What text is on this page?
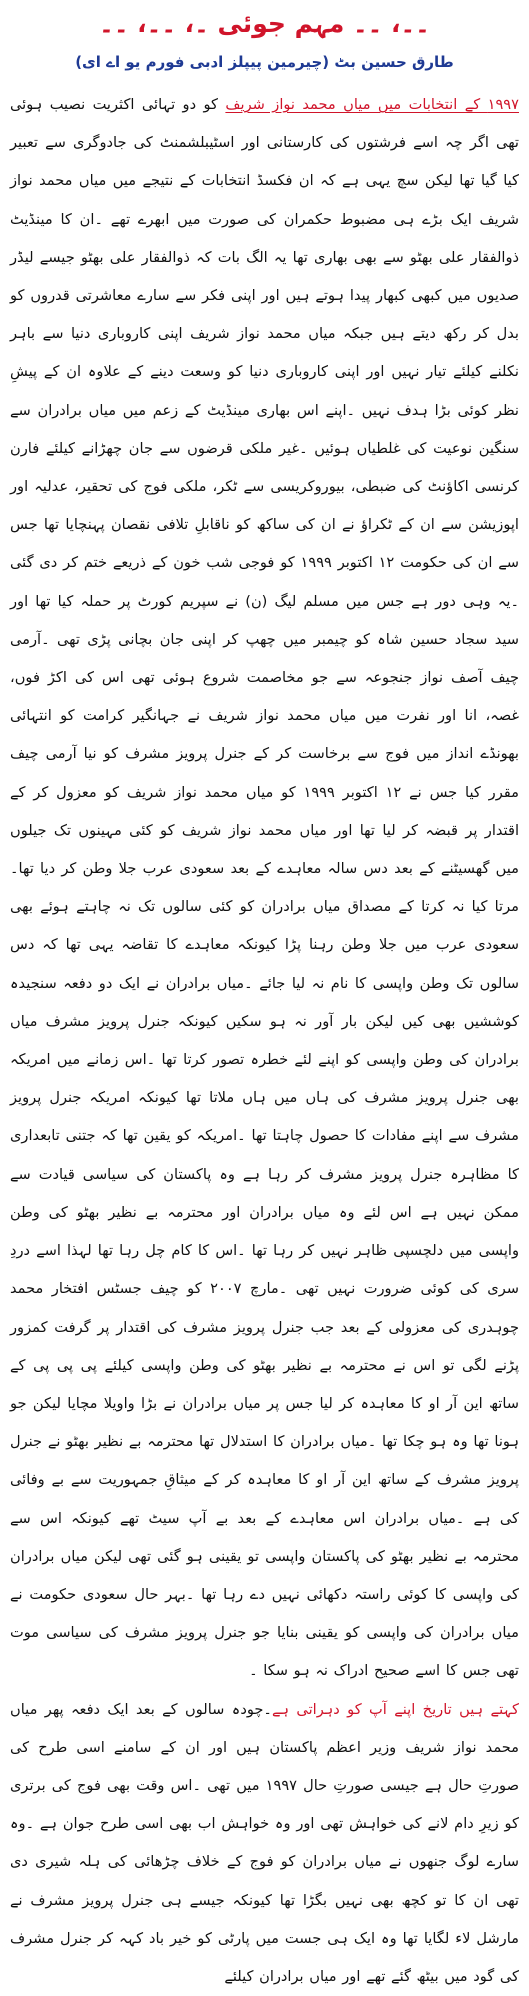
۔۔، ۔۔ مہم جوئی ۔، ۔۔، ۔۔
طارق حسین بٹ (چیرمین پیپلز ادبی فورم یو اے ای)

۱۹۹۷ کے انتخابات میں میاں محمد نواز شریف کو دو تہائی اکثریت نصیب ہوئی تھی اگر چہ اسے فرشتوں کی کارستانی اور اسٹیبلشمنٹ کی جادوگری سے تعبیر کیا گیا تھا لیکن سچ یہی ہے کہ ان فکسڈ انتخابات کے نتیجے میں میاں محمد نواز شریف ایک بڑے ہی مضبوط حکمران کی صورت میں ابھرے تھے ۔ان کا مینڈیٹ ذوالفقار علی بھٹو سے بھی بھاری تھا یہ الگ بات کہ ذوالفقار علی بھٹو جیسے لیڈر صدیوں میں کبھی کبھار پیدا ہوتے ہیں اور اپنی فکر سے سارے معاشرتی قدروں کو بدل کر رکھ دیتے ہیں جبکہ میاں محمد نواز شریف اپنی کاروباری دنیا سے باہر نکلنے کیلئے تیار نہیں اور اپنی کاروباری دنیا کو وسعت دینے کے علاوہ ان کے پیشِ نظر کوئی بڑا ہدف نہیں ۔اپنے اس بھاری مینڈیٹ کے زعم میں میاں برادران سے سنگین نوعیت کی غلطیاں ہوئیں ۔غیر ملکی قرضوں سے جان چھڑانے کیلئے فارن کرنسی اکاؤنٹ کی ضبطی، بیوروکریسی سے ٹکر، ملکی فوج کی تحقیر، عدلیہ اور اپوزیشن سے ان کے ٹکراؤ نے ان کی ساکھ کو ناقابلِ تلافی نقصان پہنچایا تھا جس سے ان کی حکومت ۱۲ اکتوبر ۱۹۹۹ کو فوجی شب خون کے ذریعے ختم کر دی گئی ۔یہ وہی دور ہے جس میں مسلم لیگ (ن) نے سپریم کورٹ پر حملہ کیا تھا اور سید سجاد حسین شاہ کو چیمبر میں چھپ کر اپنی جان بچانی پڑی تھی ۔آرمی چیف آصف نواز جنجوعہ سے جو مخاصمت شروع ہوئی تھی اس کی اکڑ فوں، غصہ، انا اور نفرت میں میاں محمد نواز شریف نے جہانگیر کرامت کو انتہائی بھونڈے انداز میں فوج سے برخاست کر کے جنرل پرویز مشرف کو نیا آرمی چیف مقرر کیا جس نے ۱۲ اکتوبر ۱۹۹۹ کو میاں محمد نواز شریف کو معزول کر کے اقتدار پر قبضہ کر لیا تھا اور میاں محمد نواز شریف کو کئی مہینوں تک جیلوں میں گھسیٹنے کے بعد دس سالہ معاہدے کے بعد سعودی عرب جلا وطن کر دیا تھا۔مرتا کیا نہ کرتا کے مصداق میاں برادران کو کئی سالوں تک نہ چاہتے ہوئے بھی سعودی عرب میں جلا وطن رہنا پڑا کیونکہ معاہدے کا تقاضہ یہی تھا کہ دس سالوں تک وطن واپسی کا نام نہ لیا جائے ۔میاں برادران نے ایک دو دفعہ سنجیدہ کوششیں بھی کیں لیکن بار آور نہ ہو سکیں کیونکہ جنرل پرویز مشرف میاں برادران کی وطن واپسی کو اپنے لئے خطرہ تصور کرتا تھا ۔اس زمانے میں امریکہ بھی جنرل پرویز مشرف کی ہاں میں ہاں ملاتا تھا کیونکہ امریکہ جنرل پرویز مشرف سے اپنے مفادات کا حصول چاہتا تھا ۔امریکہ کو یقین تھا کہ جتنی تابعداری کا مظاہرہ جنرل پرویز مشرف کر رہا ہے وہ پاکستان کی سیاسی قیادت سے ممکن نہیں ہے اس لئے وہ میاں برادران اور محترمہ بے نظیر بھٹو کی وطن واپسی میں دلچسپی ظاہر نہیں کر رہا تھا ۔اس کا کام چل رہا تھا لہذا اسے دردِ سری کی کوئی ضرورت نہیں تھی ۔مارچ ۲۰۰۷ کو چیف جسٹس افتخار محمد چوہدری کی معزولی کے بعد جب جنرل پرویز مشرف کی اقتدار پر گرفت کمزور پڑنے لگی تو اس نے محترمہ بے نظیر بھٹو کی وطن واپسی کیلئے پی پی پی کے ساتھ این آر او کا معاہدہ کر لیا جس پر میاں برادران نے بڑا واویلا مچایا لیکن جو ہونا تھا وہ ہو چکا تھا ۔میاں برادران کا استدلال تھا محترمہ بے نظیر بھٹو نے جنرل پرویز مشرف کے ساتھ این آر او کا معاہدہ کر کے میثاقِ جمہوریت سے بے وفائی کی ہے ۔میاں برادران اس معاہدے کے بعد بے آپ سیٹ تھے کیونکہ اس سے محترمہ بے نظیر بھٹو کی پاکستان واپسی تو یقینی ہو گئی تھی لیکن میاں برادران کی واپسی کا کوئی راستہ دکھائی نہیں دے رہا تھا ۔بہر حال سعودی حکومت نے میاں برادران کی واپسی کو یقینی بنایا جو جنرل پرویز مشرف کی سیاسی موت تھی جس کا اسے صحیح ادراک نہ ہو سکا ۔

کہتے ہیں تاریخ اپنے آپ کو دہراتی ہے۔چودہ سالوں کے بعد ایک دفعہ پھر میاں محمد نواز شریف وزیر اعظم پاکستان ہیں اور ان کے سامنے اسی طرح کی صورتِ حال ہے جیسی صورتِ حال ۱۹۹۷ میں تھی ۔اس وقت بھی فوج کی برتری کو زیرِ دام لانے کی خواہش تھی اور وہ خواہش اب بھی اسی طرح جوان ہے ۔وہ سارے لوگ جنھوں نے میاں برادران کو فوج کے خلاف چڑھائی کی ہلہ شیری دی تھی ان کا تو کچھ بھی نہیں بگڑا تھا کیونکہ جیسے ہی جنرل پرویز مشرف نے مارشل لاء لگایا تھا وہ ایک ہی جست میں پارٹی کو خیر باد کہہ کر جنرل مشرف کی گود میں بیٹھ گئے تھے اور میاں برادران کیلئے
